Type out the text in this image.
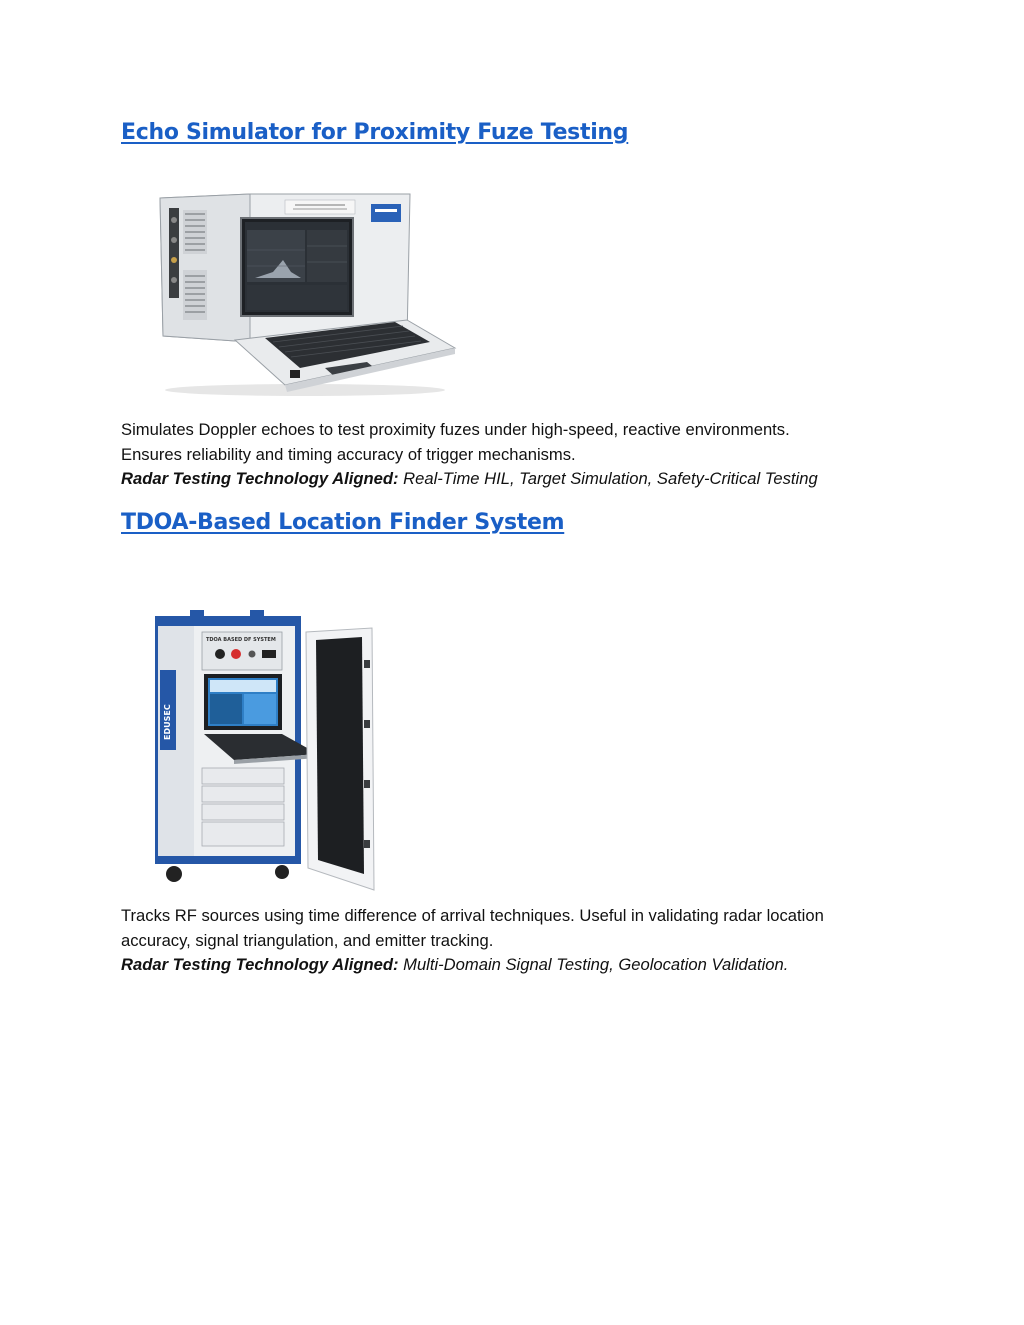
Echo Simulator for Proximity Fuze Testing

Simulates Doppler echoes to test proximity fuzes under high-speed, reactive environments.
Ensures reliability and timing accuracy of trigger mechanisms.
Radar Testing Technology Aligned: Real-Time HIL, Target Simulation, Safety-Critical Testing

TDOA-Based Location Finder System
EDUSEC
TDOA BASED DF SYSTEM

Tracks RF sources using time difference of arrival techniques. Useful in validating radar location
accuracy, signal triangulation, and emitter tracking.
Radar Testing Technology Aligned: Multi-Domain Signal Testing, Geolocation Validation.
